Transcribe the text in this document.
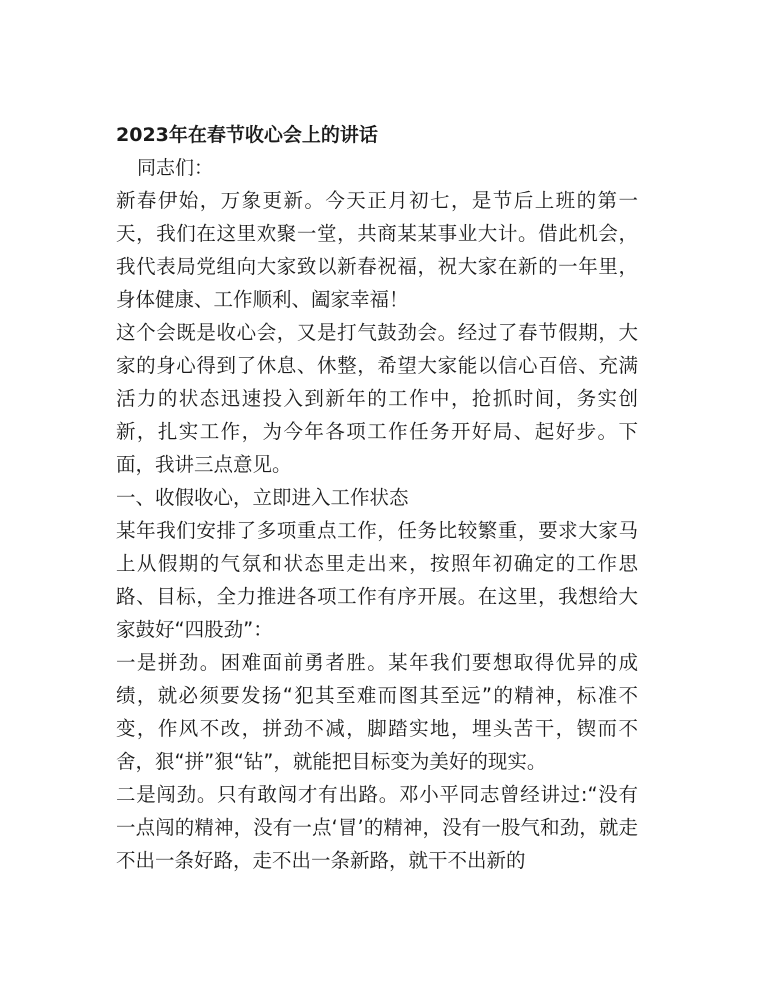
2023年在春节收心会上的讲话

同志们：

新春伊始，万象更新。今天正月初七，是节后上班的第一天，我们在这里欢聚一堂，共商某某事业大计。借此机会，我代表局党组向大家致以新春祝福，祝大家在新的一年里，身体健康、工作顺利、阖家幸福！

这个会既是收心会，又是打气鼓劲会。经过了春节假期，大家的身心得到了休息、休整，希望大家能以信心百倍、充满活力的状态迅速投入到新年的工作中，抢抓时间，务实创新，扎实工作，为今年各项工作任务开好局、起好步。下面，我讲三点意见。

一、收假收心，立即进入工作状态

某年我们安排了多项重点工作，任务比较繁重，要求大家马上从假期的气氛和状态里走出来，按照年初确定的工作思路、目标，全力推进各项工作有序开展。在这里，我想给大家鼓好“四股劲”：

一是拼劲。困难面前勇者胜。某年我们要想取得优异的成绩，就必须要发扬“犯其至难而图其至远”的精神，标准不变，作风不改，拼劲不减，脚踏实地，埋头苦干，锲而不舍，狠“拼”狠“钻”，就能把目标变为美好的现实。

二是闯劲。只有敢闯才有出路。邓小平同志曾经讲过:“没有一点闯的精神，没有一点‘冒’的精神，没有一股气和劲，就走不出一条好路，走不出一条新路，就干不出新的
